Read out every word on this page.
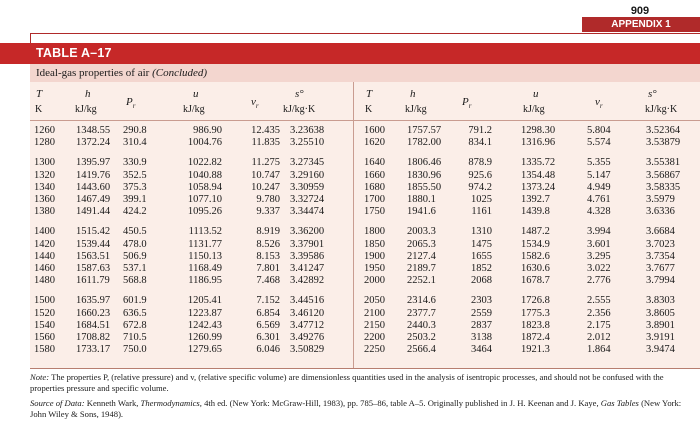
909
APPENDIX 1
TABLE A–17
Ideal-gas properties of air (Concluded)
T
K
h
kJ/kg
$P_r$
u
kJ/kg
$v_r$
s°
kJ/kg·K
T
K
h
kJ/kg
$P_r$
u
kJ/kg
$v_r$
s°
kJ/kg·K
1260
1280
1300
1320
1340
1360
1380
1400
1420
1440
1460
1480
1500
1520
1540
1560
1580
1348.55
1372.24
1395.97
1419.76
1443.60
1467.49
1491.44
1515.42
1539.44
1563.51
1587.63
1611.79
1635.97
1660.23
1684.51
1708.82
1733.17
290.8
310.4
330.9
352.5
375.3
399.1
424.2
450.5
478.0
506.9
537.1
568.8
601.9
636.5
672.8
710.5
750.0
986.90
1004.76
1022.82
1040.88
1058.94
1077.10
1095.26
1113.52
1131.77
1150.13
1168.49
1186.95
1205.41
1223.87
1242.43
1260.99
1279.65
12.435
11.835
11.275
10.747
10.247
9.780
9.337
8.919
8.526
8.153
7.801
7.468
7.152
6.854
6.569
6.301
6.046
3.23638
3.25510
3.27345
3.29160
3.30959
3.32724
3.34474
3.36200
3.37901
3.39586
3.41247
3.42892
3.44516
3.46120
3.47712
3.49276
3.50829
1600
1620
1640
1660
1680
1700
1750
1800
1850
1900
1950
2000
2050
2100
2150
2200
2250
1757.57
1782.00
1806.46
1830.96
1855.50
1880.1
1941.6
2003.3
2065.3
2127.4
2189.7
2252.1
2314.6
2377.7
2440.3
2503.2
2566.4
791.2
834.1
878.9
925.6
974.2
1025
1161
1310
1475
1655
1852
2068
2303
2559
2837
3138
3464
1298.30
1316.96
1335.72
1354.48
1373.24
1392.7
1439.8
1487.2
1534.9
1582.6
1630.6
1678.7
1726.8
1775.3
1823.8
1872.4
1921.3
5.804
5.574
5.355
5.147
4.949
4.761
4.328
3.994
3.601
3.295
3.022
2.776
2.555
2.356
2.175
2.012
1.864
3.52364
3.53879
3.55381
3.56867
3.58335
3.5979
3.6336
3.6684
3.7023
3.7354
3.7677
3.7994
3.8303
3.8605
3.8901
3.9191
3.9474

Note: The properties P, (relative pressure) and v, (relative specific volume) are dimensionless quantities used in the analysis of isentropic processes, and should not be confused with the properties pressure and specific volume.

Source of Data: Kenneth Wark, Thermodynamics, 4th ed. (New York: McGraw-Hill, 1983), pp. 785–86, table A–5. Originally published in J. H. Keenan and J. Kaye, Gas Tables (New York: John Wiley & Sons, 1948).
